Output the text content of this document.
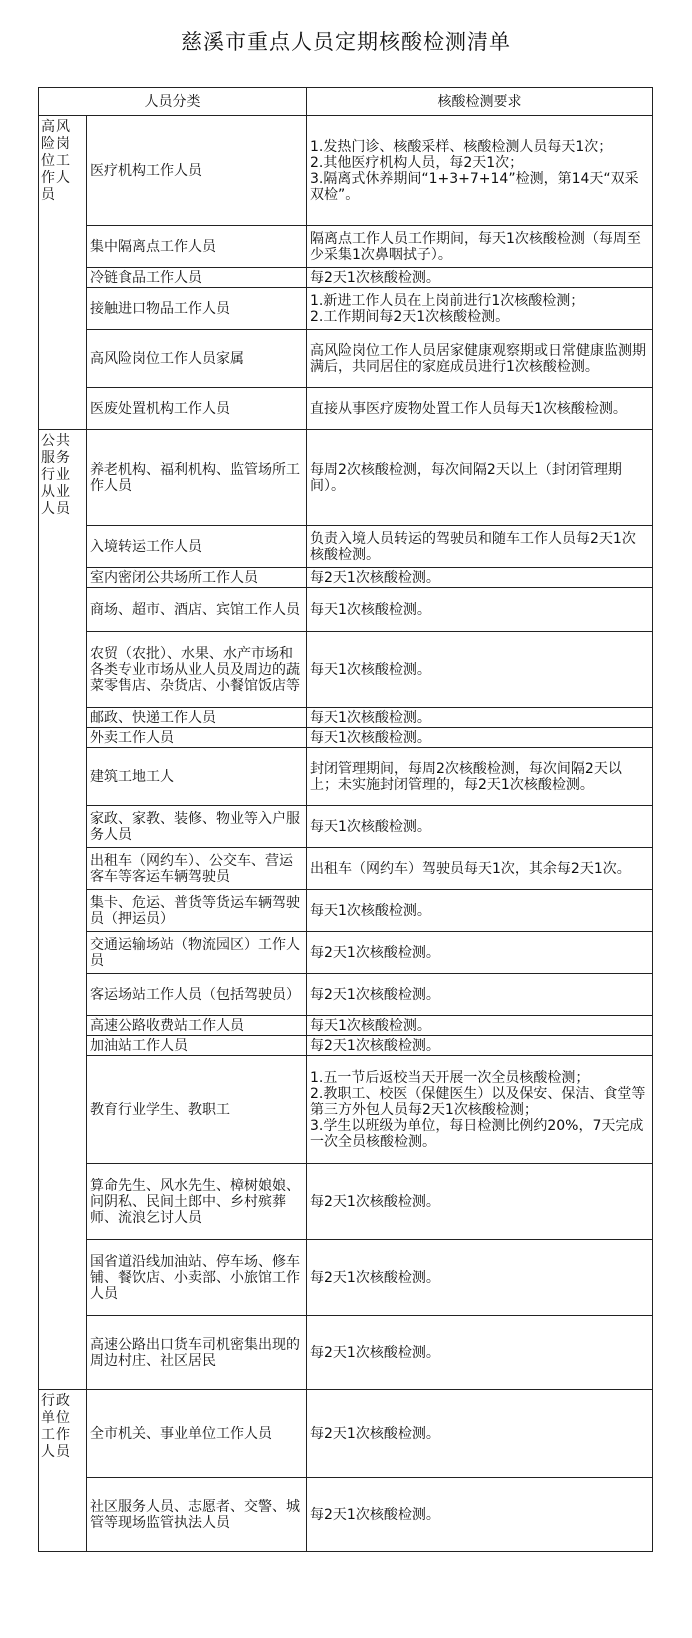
慈溪市重点人员定期核酸检测清单
人员分类		核酸检测要求

高风险岗位工作人员	医疗机构工作人员	1.发热门诊、核酸采样、核酸检测人员每天1次；
2.其他医疗机构人员，每2天1次；
3.隔离式休养期间“1+3+7+14”检测，第14天“双采双检”。

	集中隔离点工作人员	隔离点工作人员工作期间，每天1次核酸检测（每周至少采集1次鼻咽拭子）。

	冷链食品工作人员	每2天1次核酸检测。

	接触进口物品工作人员	1.新进工作人员在上岗前进行1次核酸检测；
2.工作期间每2天1次核酸检测。

	高风险岗位工作人员家属	高风险岗位工作人员居家健康观察期或日常健康监测期满后，共同居住的家庭成员进行1次核酸检测。

	医废处置机构工作人员	直接从事医疗废物处置工作人员每天1次核酸检测。

公共服务行业从业人员	养老机构、福利机构、监管场所工作人员	每周2次核酸检测，每次间隔2天以上（封闭管理期间）。

	入境转运工作人员	负责入境人员转运的驾驶员和随车工作人员每2天1次核酸检测。

	室内密闭公共场所工作人员	每2天1次核酸检测。

	商场、超市、酒店、宾馆工作人员	每天1次核酸检测。

	农贸（农批）、水果、水产市场和各类专业市场从业人员及周边的蔬菜零售店、杂货店、小餐馆饭店等	每天1次核酸检测。

	邮政、快递工作人员	每天1次核酸检测。

	外卖工作人员	每天1次核酸检测。

	建筑工地工人	封闭管理期间，每周2次核酸检测，每次间隔2天以上；未实施封闭管理的，每2天1次核酸检测。

	家政、家教、装修、物业等入户服务人员	每天1次核酸检测。

	出租车（网约车）、公交车、营运客车等客运车辆驾驶员	出租车（网约车）驾驶员每天1次，其余每2天1次。

	集卡、危运、普货等货运车辆驾驶员（押运员）	每天1次核酸检测。

	交通运输场站（物流园区）工作人员	每2天1次核酸检测。

	客运场站工作人员（包括驾驶员）	每2天1次核酸检测。

	高速公路收费站工作人员	每天1次核酸检测。

	加油站工作人员	每2天1次核酸检测。

	教育行业学生、教职工	1.五一节后返校当天开展一次全员核酸检测；
2.教职工、校医（保健医生）以及保安、保洁、食堂等第三方外包人员每2天1次核酸检测；
3.学生以班级为单位，每日检测比例约20%，7天完成一次全员核酸检测。

	算命先生、风水先生、樟树娘娘、问阴私、民间土郎中、乡村殡葬师、流浪乞讨人员	每2天1次核酸检测。

	国省道沿线加油站、停车场、修车铺、餐饮店、小卖部、小旅馆工作人员	每2天1次核酸检测。

	高速公路出口货车司机密集出现的周边村庄、社区居民	每2天1次核酸检测。

行政单位工作人员	全市机关、事业单位工作人员	每2天1次核酸检测。

	社区服务人员、志愿者、交警、城管等现场监管执法人员	每2天1次核酸检测。
